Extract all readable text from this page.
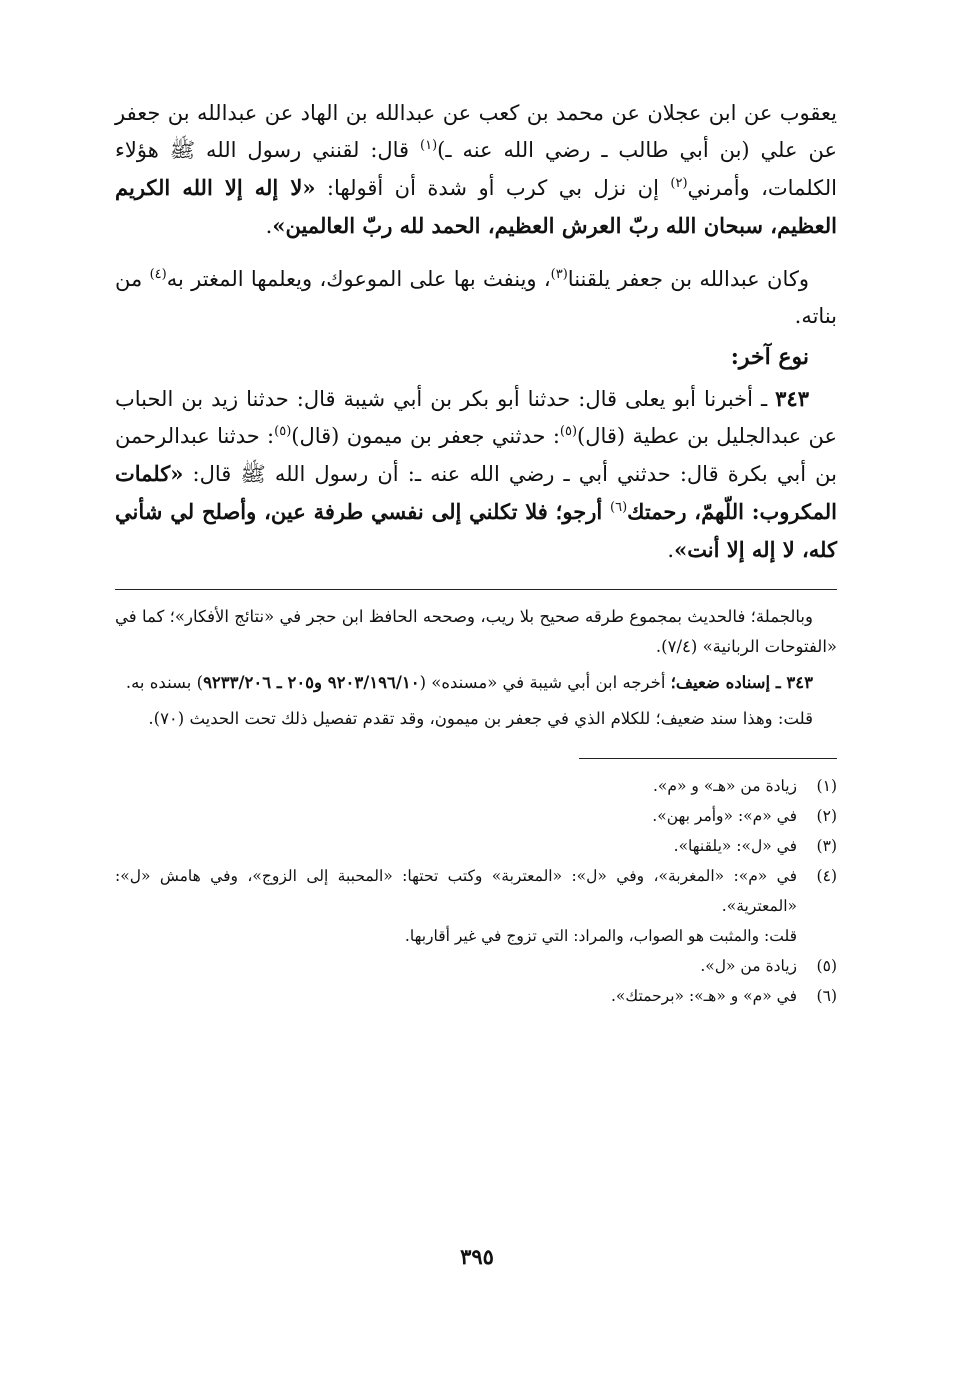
يعقوب عن ابن عجلان عن محمد بن كعب عن عبدالله بن الهاد عن عبدالله بن جعفر عن علي (بن أبي طالب ـ رضي الله عنه ـ)$^{(١)}$ قال: لقنني رسول الله ﷺ هؤلاء الكلمات، وأمرني$^{(٢)}$ إن نزل بي كرب أو شدة أن أقولها: «لا إله إلا الله الكريم العظيم، سبحان الله ربّ العرش العظيم، الحمد لله ربّ العالمين».

وكان عبدالله بن جعفر يلقننا$^{(٣)}$، وينفث بها على الموعوك، ويعلمها المغتر به$^{(٤)}$ من بناته.

نوع آخر:

٣٤٣ ـ أخبرنا أبو يعلى قال: حدثنا أبو بكر بن أبي شيبة قال: حدثنا زيد بن الحباب عن عبدالجليل بن عطية (قال)$^{(٥)}$: حدثني جعفر بن ميمون (قال)$^{(٥)}$: حدثنا عبدالرحمن بن أبي بكرة قال: حدثني أبي ـ رضي الله عنه ـ: أن رسول الله ﷺ قال: «كلمات المكروب: اللّهمّ، رحمتك$^{(٦)}$ أرجو؛ فلا تكلني إلى نفسي طرفة عين، وأصلح لي شأني كله، لا إله إلا أنت».

وبالجملة؛ فالحديث بمجموع طرقه صحيح بلا ريب، وصححه الحافظ ابن حجر في «نتائج الأفكار»؛ كما في «الفتوحات الربانية» (٧/٤).

٣٤٣ ـ إسناده ضعيف؛ أخرجه ابن أبي شيبة في «مسنده» (٩٢٠٣/١٩٦/١٠ و٢٠٥ ـ ٩٢٣٣/٢٠٦) بسنده به.

قلت: وهذا سند ضعيف؛ للكلام الذي في جعفر بن ميمون، وقد تقدم تفصيل ذلك تحت الحديث (٧٠).

(١)
زيادة من «هـ» و «م».
(٢)
في «م»: «وأمر بهن».
(٣)
في «ل»: «يلقنها».
(٤)
في «م»: «المغربة»، وفي «ل»: «المعتربة» وكتب تحتها: «المحببة إلى الزوج»، وفي هامش «ل»: «المعترية».
قلت: والمثبت هو الصواب، والمراد: التي تزوج في غير أقاربها.
(٥)
زيادة من «ل».
(٦)
في «م» و «هـ»: «برحمتك».
٣٩٥
